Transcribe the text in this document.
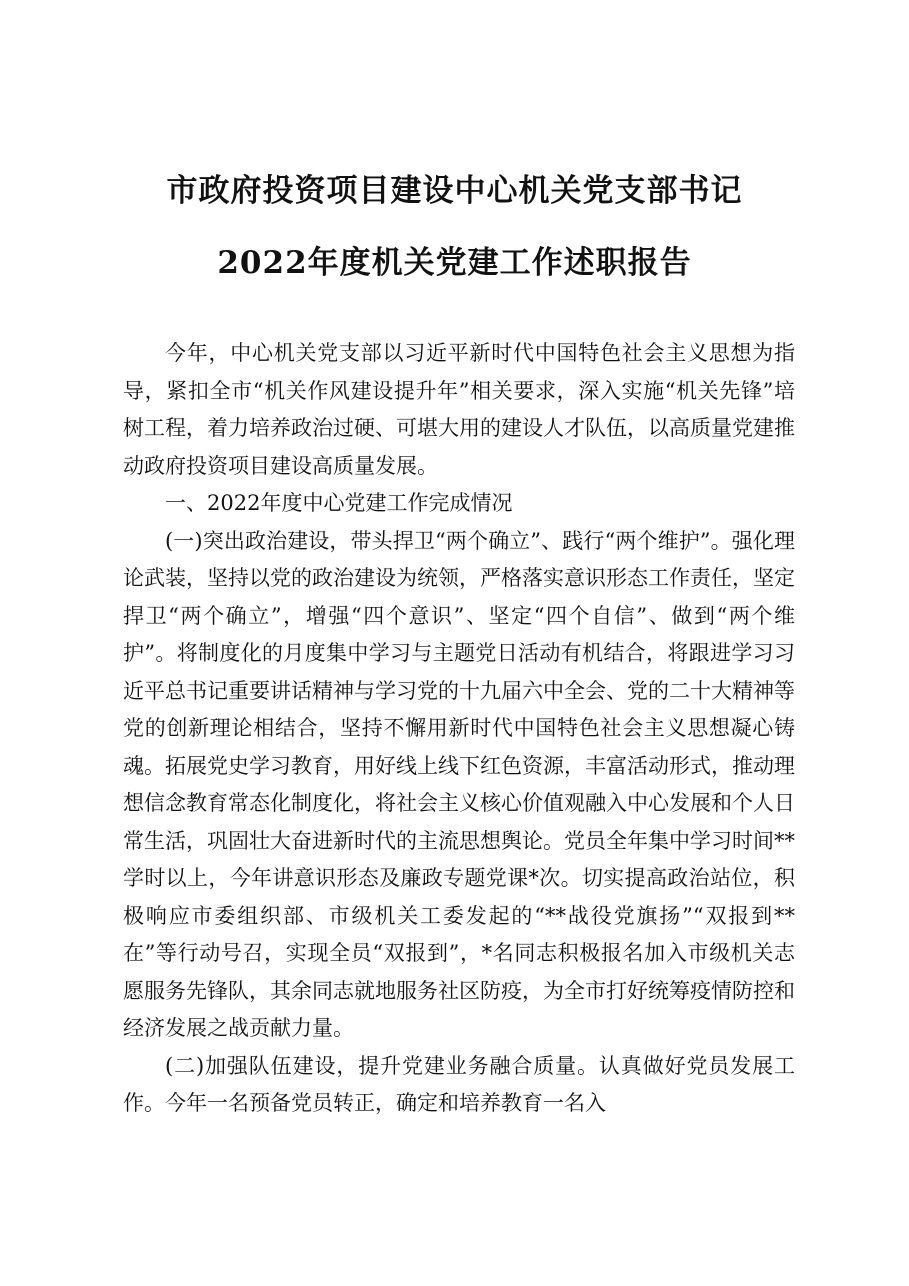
市政府投资项目建设中心机关党支部书记

2022年度机关党建工作述职报告

今年，中心机关党支部以习近平新时代中国特色社会主义思想为指导，紧扣全市“机关作风建设提升年”相关要求，深入实施“机关先锋”培树工程，着力培养政治过硬、可堪大用的建设人才队伍，以高质量党建推动政府投资项目建设高质量发展。

一、2022年度中心党建工作完成情况

(一)突出政治建设，带头捍卫“两个确立”、践行“两个维护”。强化理论武装，坚持以党的政治建设为统领，严格落实意识形态工作责任，坚定捍卫“两个确立”，增强“四个意识”、坚定“四个自信”、做到“两个维护”。将制度化的月度集中学习与主题党日活动有机结合，将跟进学习习近平总书记重要讲话精神与学习党的十九届六中全会、党的二十大精神等党的创新理论相结合，坚持不懈用新时代中国特色社会主义思想凝心铸魂。拓展党史学习教育，用好线上线下红色资源，丰富活动形式，推动理想信念教育常态化制度化，将社会主义核心价值观融入中心发展和个人日常生活，巩固壮大奋进新时代的主流思想舆论。党员全年集中学习时间**学时以上，今年讲意识形态及廉政专题党课*次。切实提高政治站位，积极响应市委组织部、市级机关工委发起的“**战役党旗扬”“双报到**在”等行动号召，实现全员“双报到”，*名同志积极报名加入市级机关志愿服务先锋队，其余同志就地服务社区防疫，为全市打好统筹疫情防控和经济发展之战贡献力量。

(二)加强队伍建设，提升党建业务融合质量。认真做好党员发展工作。今年一名预备党员转正，确定和培养教育一名入
